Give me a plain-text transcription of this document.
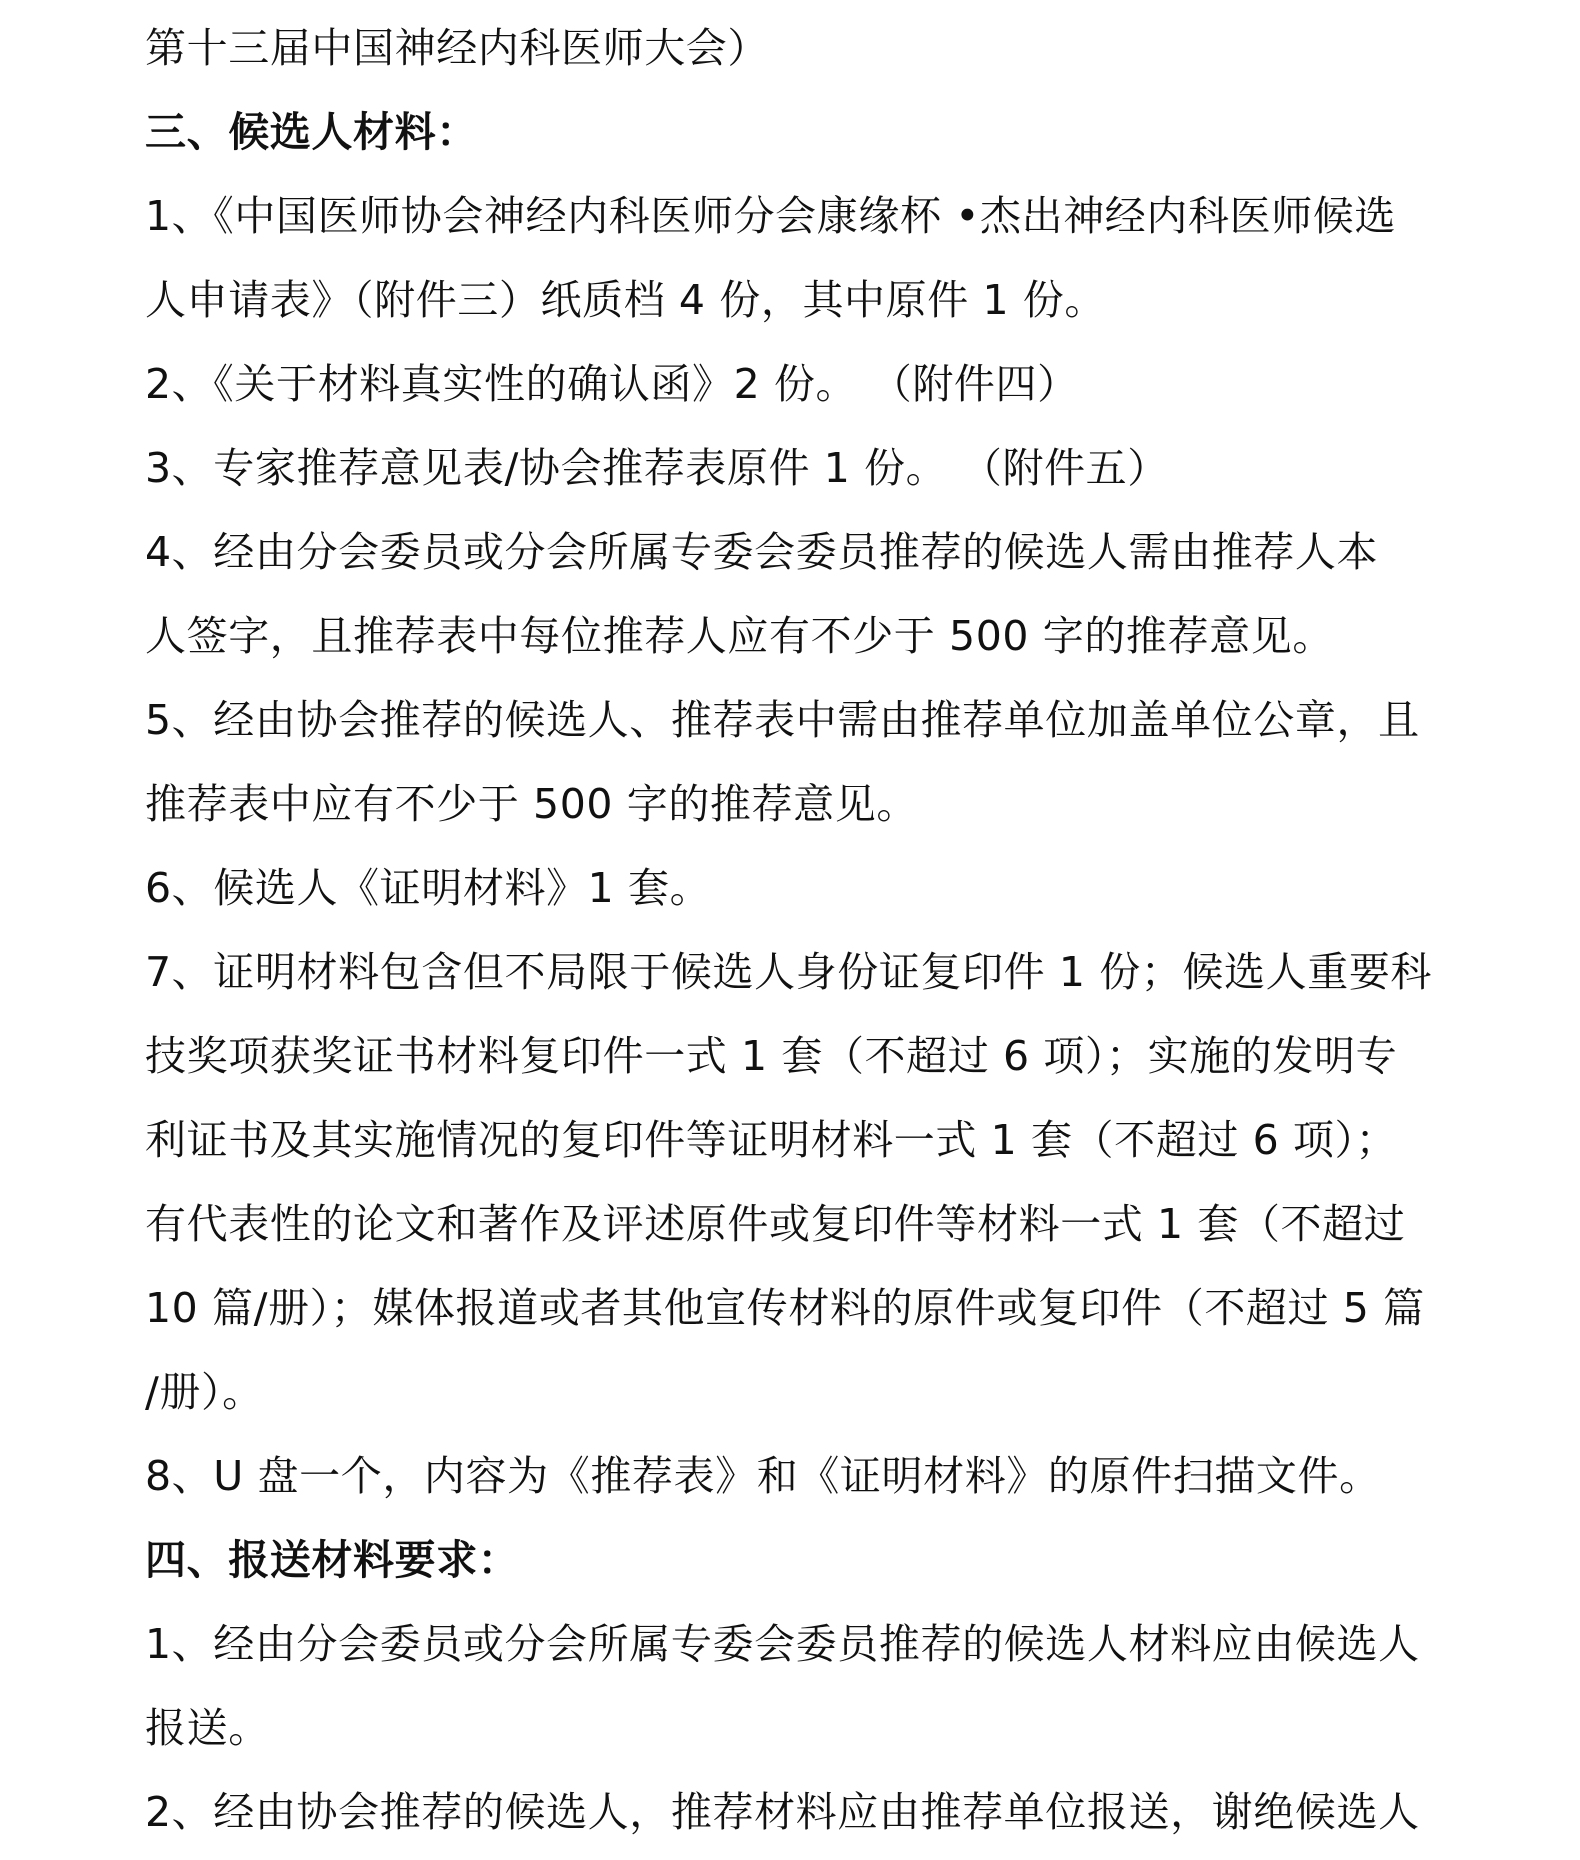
第十三届中国神经内科医师大会）
三、候选人材料：
1、《中国医师协会神经内科医师分会康缘杯 •杰出神经内科医师候选
人申请表》（附件三）纸质档 4 份，其中原件 1 份。
2、《关于材料真实性的确认函》2 份。 （附件四）
3、专家推荐意见表/协会推荐表原件 1 份。 （附件五）
4、经由分会委员或分会所属专委会委员推荐的候选人需由推荐人本
人签字，且推荐表中每位推荐人应有不少于 500 字的推荐意见。
5、经由协会推荐的候选人、推荐表中需由推荐单位加盖单位公章，且
推荐表中应有不少于 500 字的推荐意见。
6、候选人《证明材料》1 套。
7、证明材料包含但不局限于候选人身份证复印件 1 份；候选人重要科
技奖项获奖证书材料复印件一式 1 套（不超过 6 项）；实施的发明专
利证书及其实施情况的复印件等证明材料一式 1 套（不超过 6 项）；
有代表性的论文和著作及评述原件或复印件等材料一式 1 套（不超过
10 篇/册）；媒体报道或者其他宣传材料的原件或复印件（不超过 5 篇
/册）。
8、U 盘一个，内容为《推荐表》和《证明材料》的原件扫描文件。
四、报送材料要求：
1、经由分会委员或分会所属专委会委员推荐的候选人材料应由候选人
报送。
2、经由协会推荐的候选人，推荐材料应由推荐单位报送，谢绝候选人
